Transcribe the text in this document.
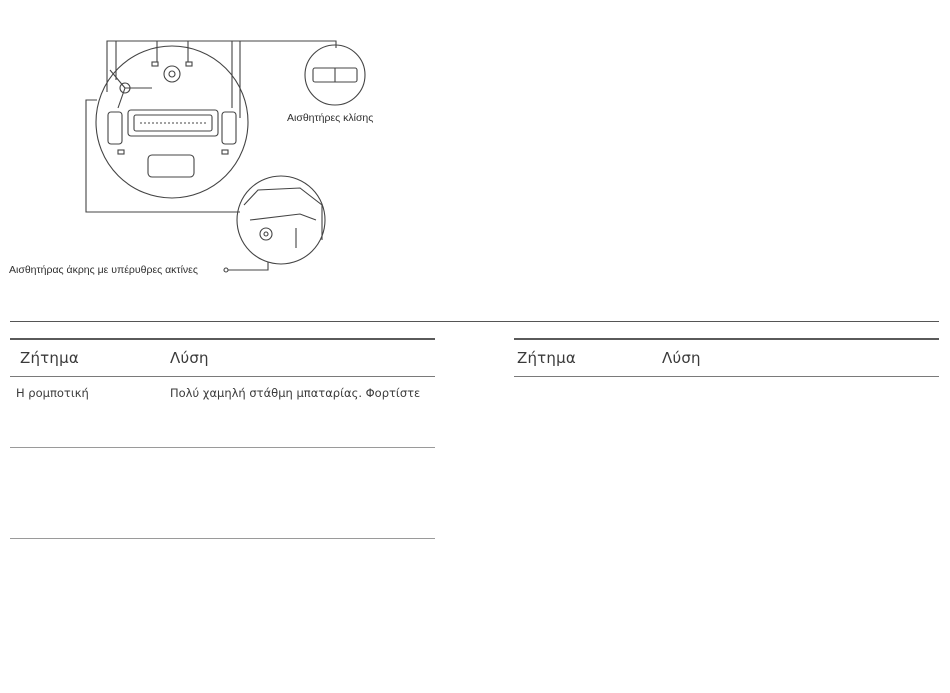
Αισθητήρες κλίσης
Αισθητήρας άκρης με υπέρυθρες ακτίνες
Ζήτημα	Λύση
Η ρομποτική	Πολύ χαμηλή στάθμη μπαταρίας. Φορτίστε
Ζήτημα	Λύση
